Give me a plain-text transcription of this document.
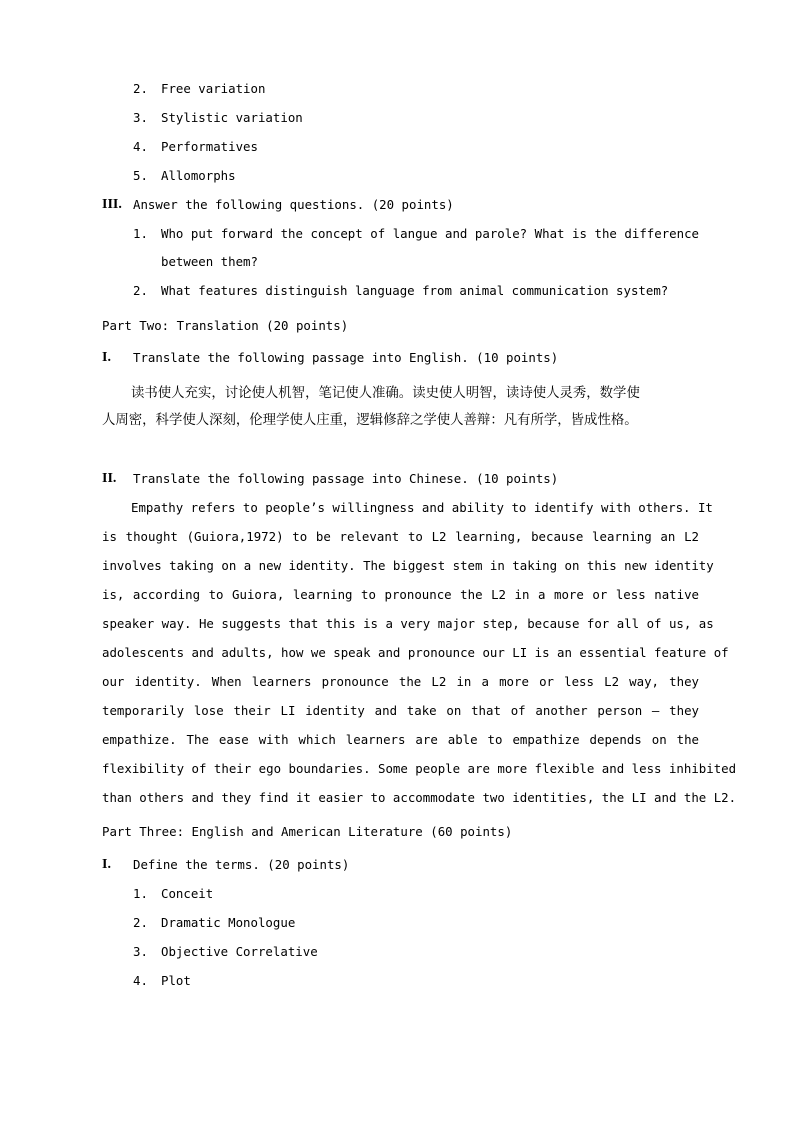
2. Free variation
3. Stylistic variation
4. Performatives
5. Allomorphs
III. Answer the following questions. (20 points)
1. Who put forward the concept of langue and parole? What is the difference
between them?
2. What features distinguish language from animal communication system?
Part Two: Translation (20 points)
I. Translate the following passage into English. (10 points)
读书使人充实，讨论使人机智，笔记使人准确。读史使人明智，读诗使人灵秀，数学使
人周密，科学使人深刻，伦理学使人庄重，逻辑修辞之学使人善辩：凡有所学，皆成性格。
II. Translate the following passage into Chinese. (10 points)
Empathy refers to people’s willingness and ability to identify with others. It
is thought (Guiora,1972) to be relevant to L2 learning, because learning an L2
involves taking on a new identity. The biggest stem in taking on this new identity
is, according to Guiora, learning to pronounce the L2 in a more or less native
speaker way. He suggests that this is a very major step, because for all of us, as
adolescents and adults, how we speak and pronounce our LI is an essential feature of
our identity. When learners pronounce the L2 in a more or less L2 way, they
temporarily lose their LI identity and take on that of another person – they
empathize. The ease with which learners are able to empathize depends on the
flexibility of their ego boundaries. Some people are more flexible and less inhibited
than others and they find it easier to accommodate two identities, the LI and the L2.
Part Three: English and American Literature (60 points)
I. Define the terms. (20 points)
1. Conceit
2. Dramatic Monologue
3. Objective Correlative
4. Plot
